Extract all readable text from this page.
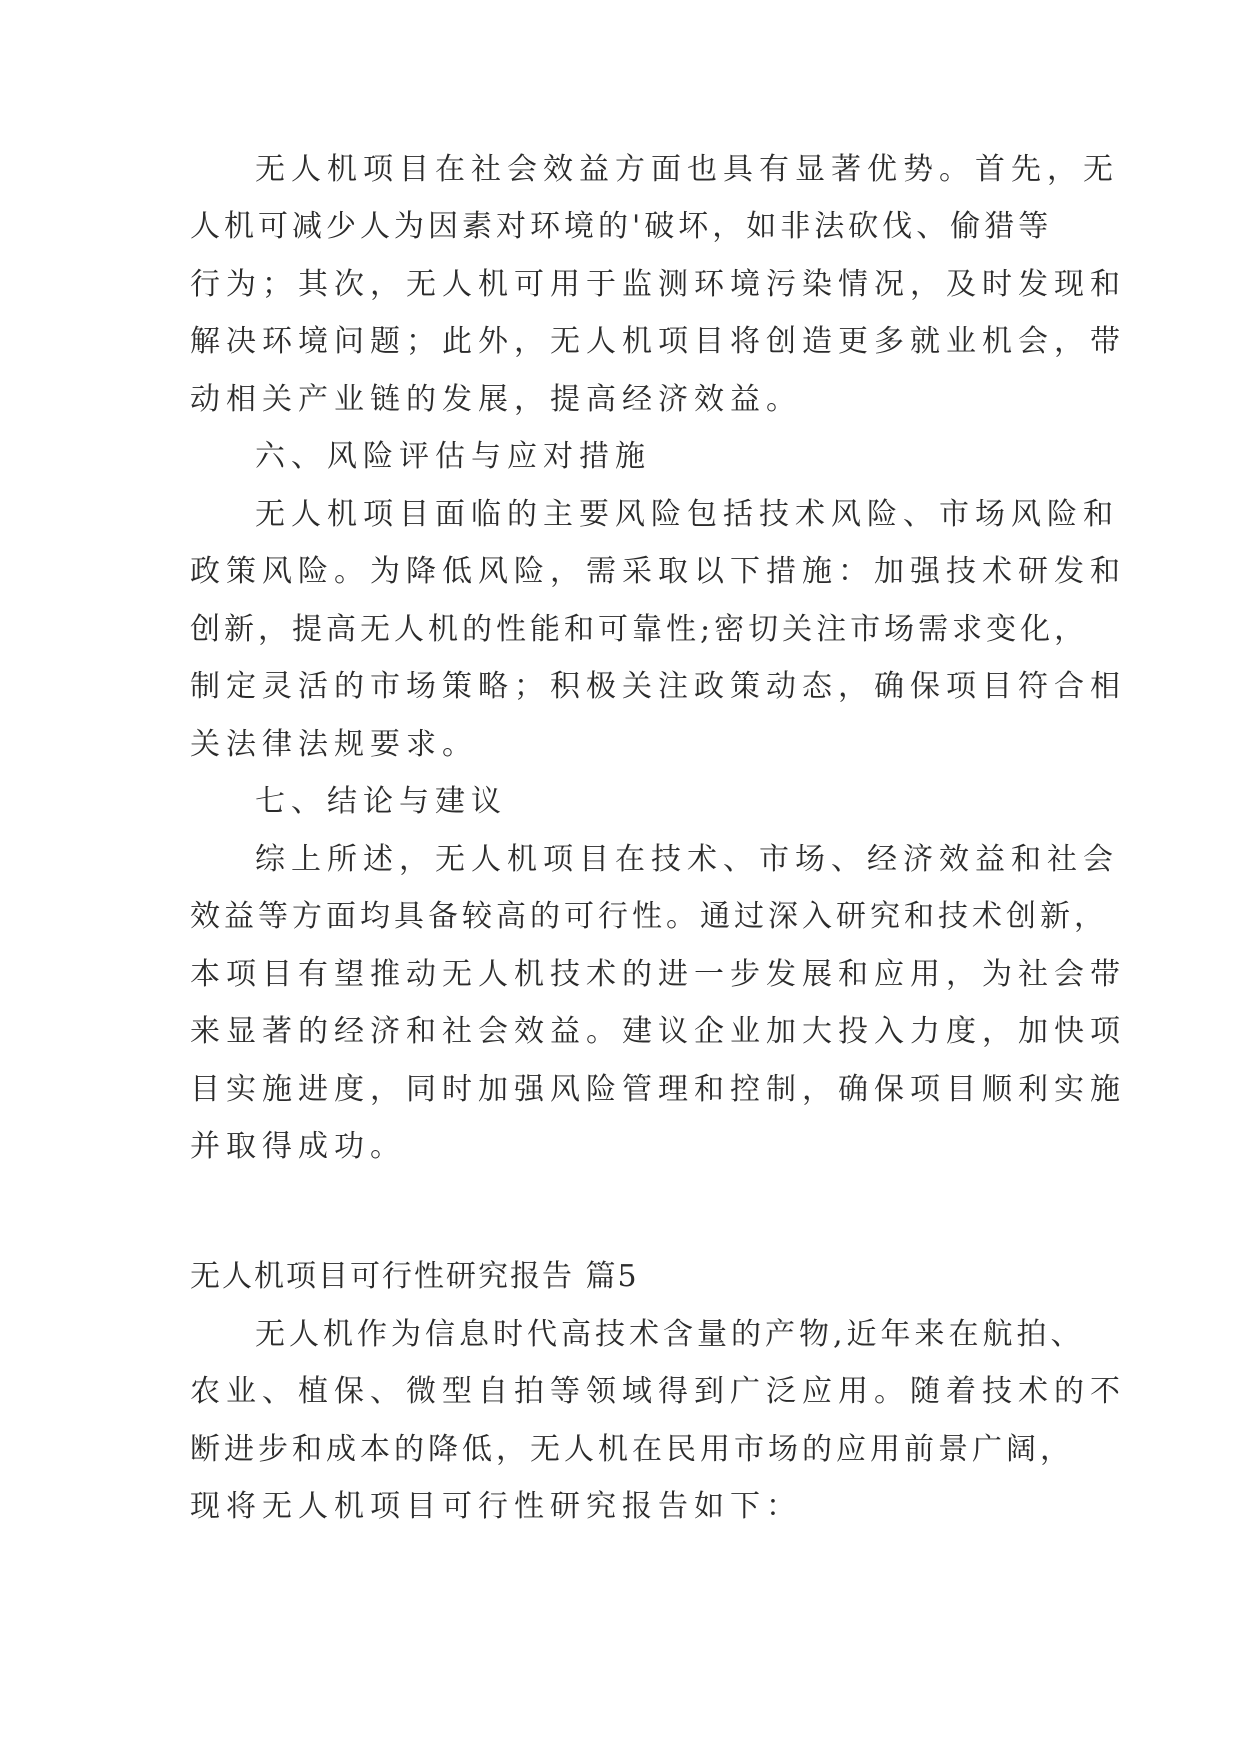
无人机项目在社会效益方面也具有显著优势。首先，无

人机可减少人为因素对环境的'破坏，如非法砍伐、偷猎等

行为；其次，无人机可用于监测环境污染情况，及时发现和

解决环境问题；此外，无人机项目将创造更多就业机会，带

动相关产业链的发展，提高经济效益。

六、风险评估与应对措施

无人机项目面临的主要风险包括技术风险、市场风险和

政策风险。为降低风险，需采取以下措施：加强技术研发和

创新，提高无人机的性能和可靠性;密切关注市场需求变化，

制定灵活的市场策略；积极关注政策动态，确保项目符合相

关法律法规要求。

七、结论与建议

综上所述，无人机项目在技术、市场、经济效益和社会

效益等方面均具备较高的可行性。通过深入研究和技术创新，

本项目有望推动无人机技术的进一步发展和应用，为社会带

来显著的经济和社会效益。建议企业加大投入力度，加快项

目实施进度，同时加强风险管理和控制，确保项目顺利实施

并取得成功。

无人机项目可行性研究报告 篇5

无人机作为信息时代高技术含量的产物,近年来在航拍、

农业、植保、微型自拍等领域得到广泛应用。随着技术的不

断进步和成本的降低，无人机在民用市场的应用前景广阔，

现将无人机项目可行性研究报告如下：
